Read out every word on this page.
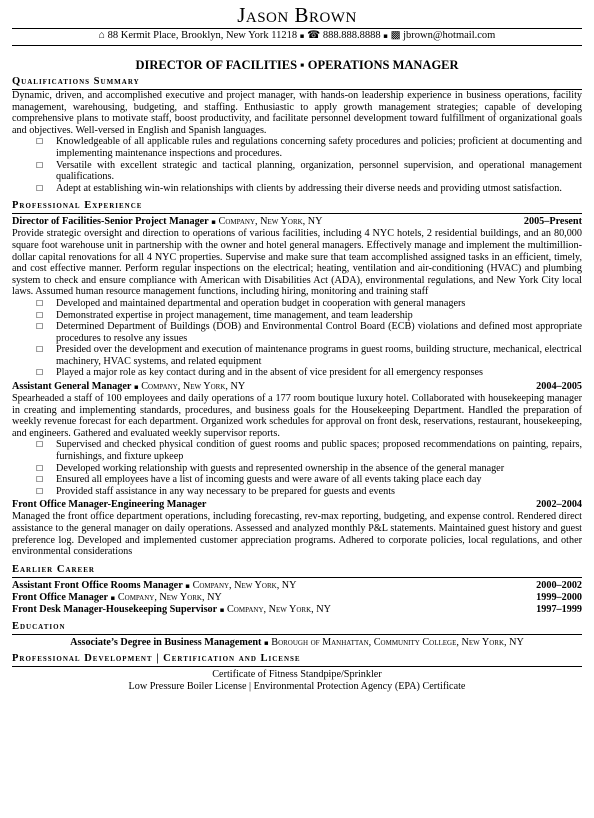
Jason Brown
⌂ 88 Kermit Place, Brooklyn, New York 11218 ▪ ☎ 888.888.8888 ▪ ▩ jbrown@hotmail.com
DIRECTOR OF FACILITIES ▪ OPERATIONS MANAGER
Qualifications Summary

Dynamic, driven, and accomplished executive and project manager, with hands-on leadership experience in business operations, facility management, warehousing, budgeting, and staffing. Enthusiastic to apply growth management strategies; capable of developing comprehensive plans to motivate staff, boost productivity, and facilitate personnel development toward fulfillment of organizational goals and objectives. Well-versed in English and Spanish languages.

☐ Knowledgeable of all applicable rules and regulations concerning safety procedures and policies; proficient at documenting and implementing maintenance inspections and procedures.
☐ Versatile with excellent strategic and tactical planning, organization, personnel supervision, and operational management qualifications.
☐ Adept at establishing win-win relationships with clients by addressing their diverse needs and providing utmost satisfaction.
Professional Experience
Director of Facilities-Senior Project Manager ▪ Company, New York, NY	2005–Present

Provide strategic oversight and direction to operations of various facilities, including 4 NYC hotels, 2 residential buildings, and an 80,000 square foot warehouse unit in partnership with the owner and hotel general managers. Effectively manage and implement the multimillion-dollar capital renovations for all 4 NYC properties. Supervise and make sure that team accomplished assigned tasks in an efficient, timely, and cost effective manner. Perform regular inspections on the electrical; heating, ventilation and air-conditioning (HVAC) and plumbing system to check and ensure compliance with American with Disabilities Act (ADA), environmental regulations, and New York City local laws. Assumed human resource management functions, including hiring, monitoring and training staff

☐ Developed and maintained departmental and operation budget in cooperation with general managers
☐ Demonstrated expertise in project management, time management, and team leadership
☐ Determined Department of Buildings (DOB) and Environmental Control Board (ECB) violations and defined most appropriate procedures to resolve any issues
☐ Presided over the development and execution of maintenance programs in guest rooms, building structure, mechanical, electrical machinery, HVAC systems, and related equipment
☐ Played a major role as key contact during and in the absent of vice president for all emergency responses
Assistant General Manager ▪ Company, New York, NY	2004–2005

Spearheaded a staff of 100 employees and daily operations of a 177 room boutique luxury hotel. Collaborated with housekeeping manager in creating and implementing standards, procedures, and business goals for the Housekeeping Department. Handled the preparation of weekly revenue forecast for each department. Organized work schedules for approval on front desk, reservations, restaurant, housekeeping, and engineers. Gathered and evaluated weekly supervisor reports.

☐ Supervised and checked physical condition of guest rooms and public spaces; proposed recommendations on painting, repairs, furnishings, and fixture upkeep
☐ Developed working relationship with guests and represented ownership in the absence of the general manager
☐ Ensured all employees have a list of incoming guests and were aware of all events taking place each day
☐ Provided staff assistance in any way necessary to be prepared for guests and events
Front Office Manager-Engineering Manager	2002–2004

Managed the front office department operations, including forecasting, rev-max reporting, budgeting, and expense control. Rendered direct assistance to the general manager on daily operations. Assessed and analyzed monthly P&L statements. Maintained guest history and guest preference log. Developed and implemented customer appreciation programs. Adhered to corporate policies, local regulations, and other environmental considerations

Earlier Career
Assistant Front Office Rooms Manager ▪ Company, New York, NY	2000–2002
Front Office Manager ▪ Company, New York, NY	1999–2000
Front Desk Manager-Housekeeping Supervisor ▪ Company, New York, NY	1997–1999
Education
Associate’s Degree in Business Management ▪ Borough of Manhattan, Community College, New York, NY
Professional Development | Certification and License
Certificate of Fitness Standpipe/Sprinkler
Low Pressure Boiler License | Environmental Protection Agency (EPA) Certificate
